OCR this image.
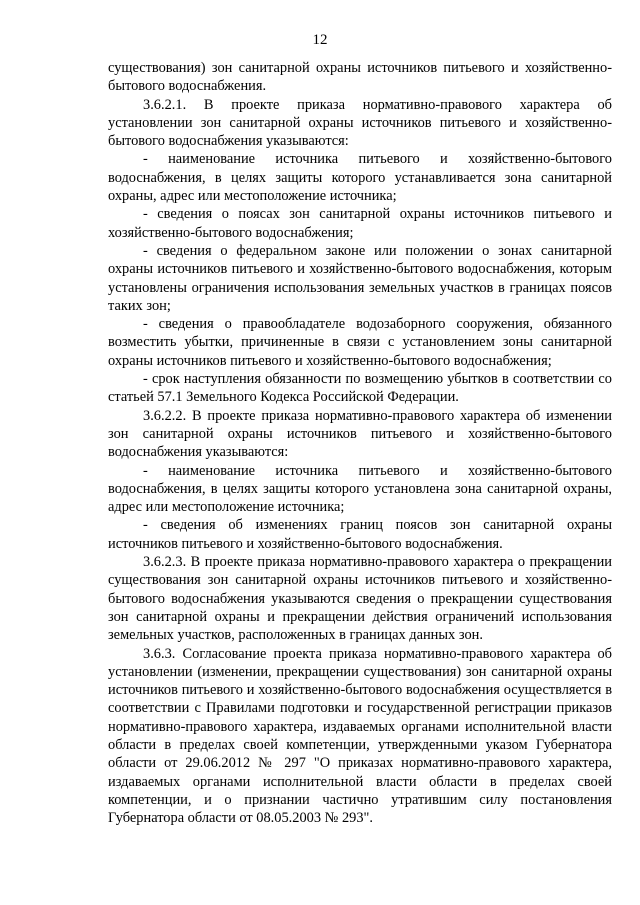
12

существования) зон санитарной охраны источников питьевого и хозяйственно-бытового водоснабжения.

3.6.2.1. В проекте приказа нормативно-правового характера об установлении зон санитарной охраны источников питьевого и хозяйственно-бытового водоснабжения указываются:

- наименование источника питьевого и хозяйственно-бытового водоснабжения, в целях защиты которого устанавливается зона санитарной охраны, адрес или местоположение источника;

- сведения о поясах зон санитарной охраны источников питьевого и хозяйственно-бытового водоснабжения;

- сведения о федеральном законе или положении о зонах санитарной охраны источников питьевого и хозяйственно-бытового водоснабжения, которым установлены ограничения использования земельных участков в границах поясов таких зон;

- сведения о правообладателе водозаборного сооружения, обязанного возместить убытки, причиненные в связи с установлением зоны санитарной охраны источников питьевого и хозяйственно-бытового водоснабжения;

- срок наступления обязанности по возмещению убытков в соответствии со статьей 57.1 Земельного Кодекса Российской Федерации.

3.6.2.2. В проекте приказа нормативно-правового характера об изменении зон санитарной охраны источников питьевого и хозяйственно-бытового водоснабжения указываются:

- наименование источника питьевого и хозяйственно-бытового водоснабжения, в целях защиты которого установлена зона санитарной охраны, адрес или местоположение источника;

- сведения об изменениях границ поясов зон санитарной охраны источников питьевого и хозяйственно-бытового водоснабжения.

3.6.2.3. В проекте приказа нормативно-правового характера о прекращении существования зон санитарной охраны источников питьевого и хозяйственно-бытового водоснабжения указываются сведения о прекращении существования зон санитарной охраны и прекращении действия ограничений использования земельных участков, расположенных в границах данных зон.

3.6.3. Согласование проекта приказа нормативно-правового характера об установлении (изменении, прекращении существования) зон санитарной охраны источников питьевого и хозяйственно-бытового водоснабжения осуществляется в соответствии с Правилами подготовки и государственной регистрации приказов нормативно-правового характера, издаваемых органами исполнительной власти области в пределах своей компетенции, утвержденными указом Губернатора области от 29.06.2012 № 297 "О приказах нормативно-правового характера, издаваемых органами исполнительной власти области в пределах своей компетенции, и о признании частично утратившим силу постановления Губернатора области от 08.05.2003 № 293".
